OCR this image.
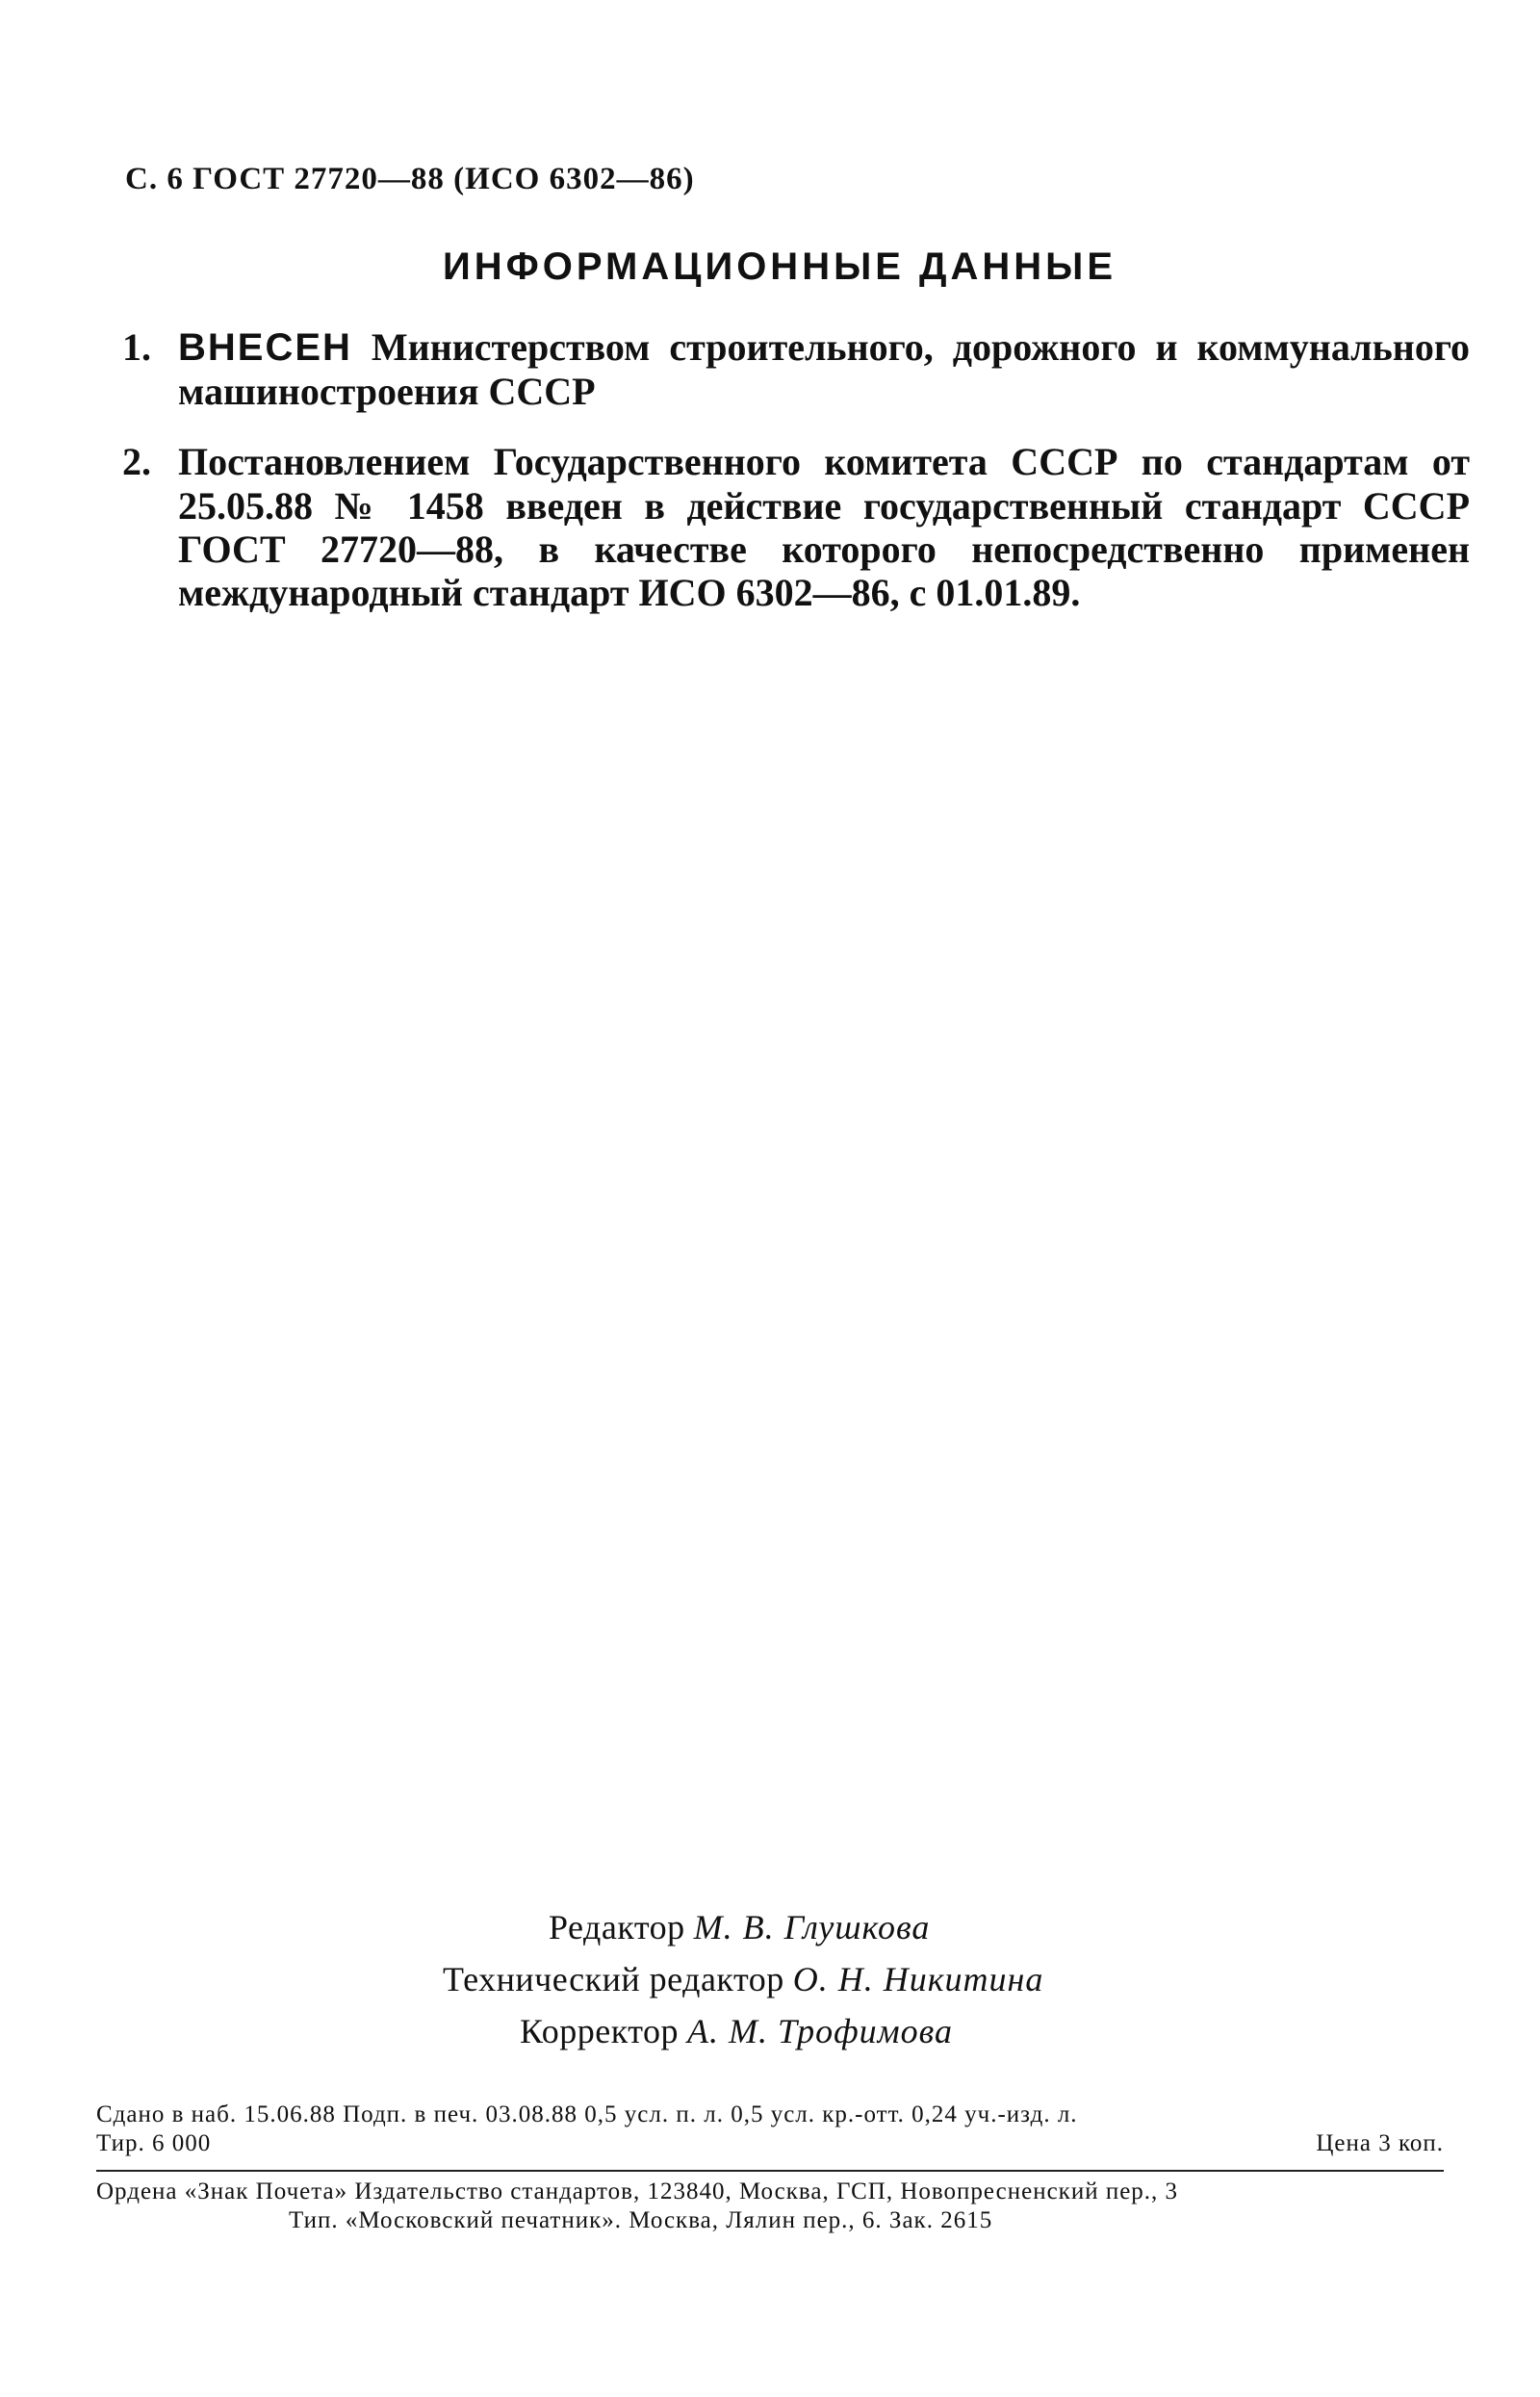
С. 6 ГОСТ 27720—88 (ИСО 6302—86)
ИНФОРМАЦИОННЫЕ ДАННЫЕ
1. ВНЕСЕН Министерством строительного, дорожного и коммунального машиностроения СССР
2. Постановлением Государственного комитета СССР по стандартам от 25.05.88 № 1458 введен в действие государственный стандарт СССР ГОСТ 27720—88, в качестве которого непосредственно применен международный стандарт ИСО 6302—86, с 01.01.89.
Редактор М. В. Глушкова
Технический редактор О. Н. Никитина
Корректор А. М. Трофимова
Сдано в наб. 15.06.88 Подп. в печ. 03.08.88 0,5 усл. п. л. 0,5 усл. кр.-отт. 0,24 уч.-изд. л.
Тир. 6 000	Цена 3 коп.
Ордена «Знак Почета» Издательство стандартов, 123840, Москва, ГСП, Новопресненский пер., 3
Тип. «Московский печатник». Москва, Лялин пер., 6. Зак. 2615
